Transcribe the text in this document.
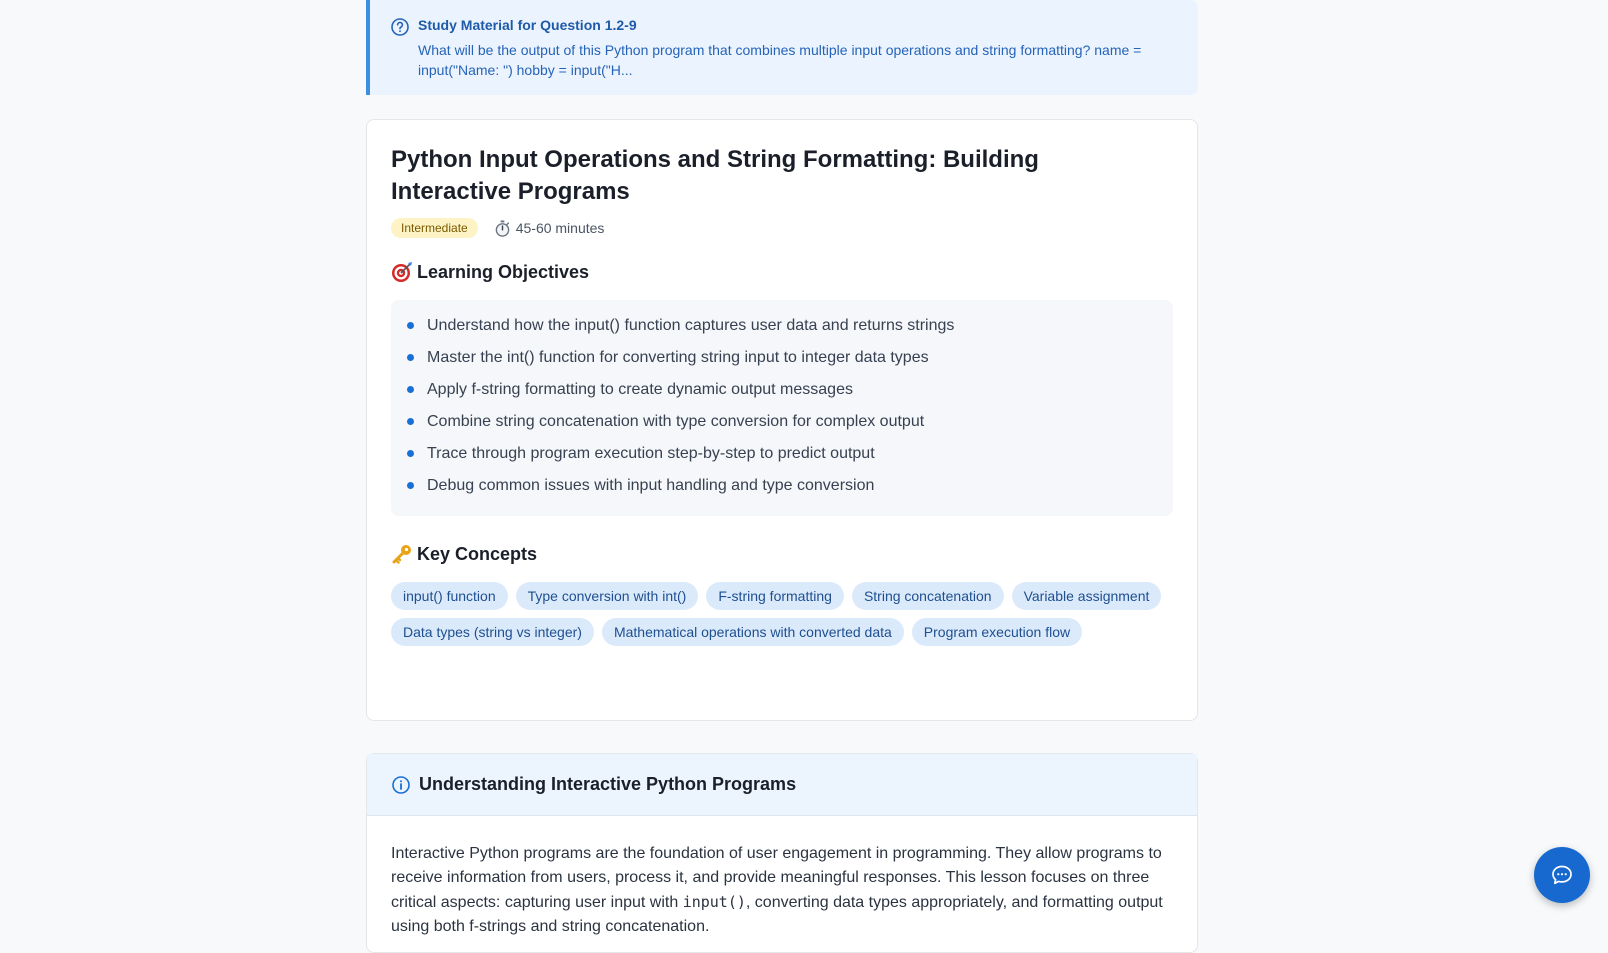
Study Material for Question 1.2-9
What will be the output of this Python program that combines multiple input operations and string formatting? name = input("Name: ") hobby = input("H...
Python Input Operations and String Formatting: Building Interactive Programs
Intermediate	45-60 minutes
Learning Objectives
Understand how the input() function captures user data and returns strings
Master the int() function for converting string input to integer data types
Apply f-string formatting to create dynamic output messages
Combine string concatenation with type conversion for complex output
Trace through program execution step-by-step to predict output
Debug common issues with input handling and type conversion
Key Concepts
input() function	Type conversion with int()	F-string formatting	String concatenation	Variable assignment
Data types (string vs integer)	Mathematical operations with converted data	Program execution flow
Understanding Interactive Python Programs

Interactive Python programs are the foundation of user engagement in programming. They allow programs to receive information from users, process it, and provide meaningful responses. This lesson focuses on three critical aspects: capturing user input with input(), converting data types appropriately, and formatting output using both f-strings and string concatenation.
